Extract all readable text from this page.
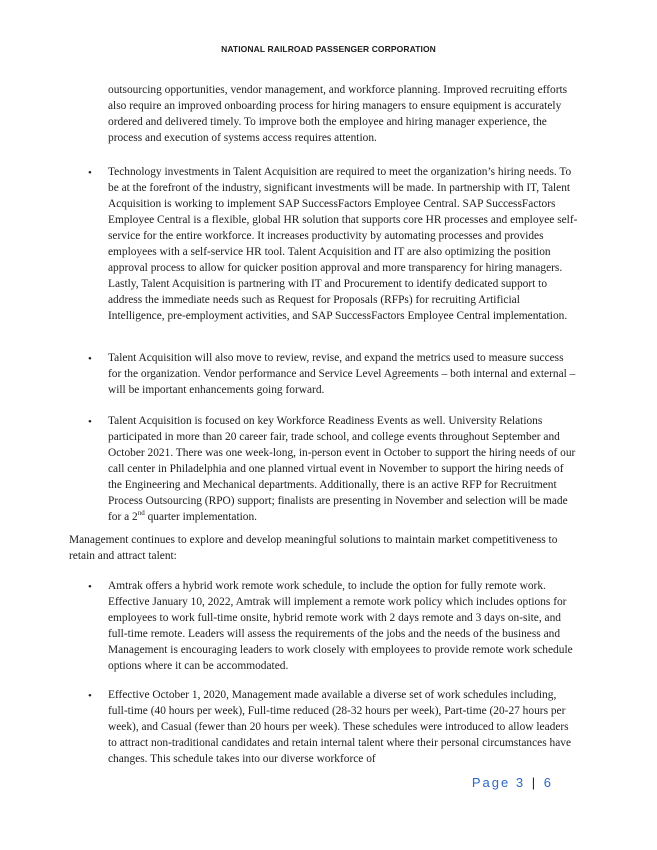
NATIONAL RAILROAD PASSENGER CORPORATION

outsourcing opportunities, vendor management, and workforce planning. Improved recruiting efforts also require an improved onboarding process for hiring managers to ensure equipment is accurately ordered and delivered timely. To improve both the employee and hiring manager experience, the process and execution of systems access requires attention.

• Technology investments in Talent Acquisition are required to meet the organization’s hiring needs. To be at the forefront of the industry, significant investments will be made. In partnership with IT, Talent Acquisition is working to implement SAP SuccessFactors Employee Central. SAP SuccessFactors Employee Central is a flexible, global HR solution that supports core HR processes and employee self-service for the entire workforce. It increases productivity by automating processes and provides employees with a self-service HR tool. Talent Acquisition and IT are also optimizing the position approval process to allow for quicker position approval and more transparency for hiring managers. Lastly, Talent Acquisition is partnering with IT and Procurement to identify dedicated support to address the immediate needs such as Request for Proposals (RFPs) for recruiting Artificial Intelligence, pre-employment activities, and SAP SuccessFactors Employee Central implementation.
• Talent Acquisition will also move to review, revise, and expand the metrics used to measure success for the organization. Vendor performance and Service Level Agreements – both internal and external – will be important enhancements going forward.
• Talent Acquisition is focused on key Workforce Readiness Events as well. University Relations participated in more than 20 career fair, trade school, and college events throughout September and October 2021. There was one week-long, in-person event in October to support the hiring needs of our call center in Philadelphia and one planned virtual event in November to support the hiring needs of the Engineering and Mechanical departments. Additionally, there is an active RFP for Recruitment Process Outsourcing (RPO) support; finalists are presenting in November and selection will be made for a 2nd quarter implementation.

Management continues to explore and develop meaningful solutions to maintain market competitiveness to retain and attract talent:

• Amtrak offers a hybrid work remote work schedule, to include the option for fully remote work. Effective January 10, 2022, Amtrak will implement a remote work policy which includes options for employees to work full-time onsite, hybrid remote work with 2 days remote and 3 days on-site, and full-time remote. Leaders will assess the requirements of the jobs and the needs of the business and Management is encouraging leaders to work closely with employees to provide remote work schedule options where it can be accommodated.
• Effective October 1, 2020, Management made available a diverse set of work schedules including, full-time (40 hours per week), Full-time reduced (28-32 hours per week), Part-time (20-27 hours per week), and Casual (fewer than 20 hours per week). These schedules were introduced to allow leaders to attract non-traditional candidates and retain internal talent where their personal circumstances have changes. This schedule takes into our diverse workforce of
Page 3 | 6
